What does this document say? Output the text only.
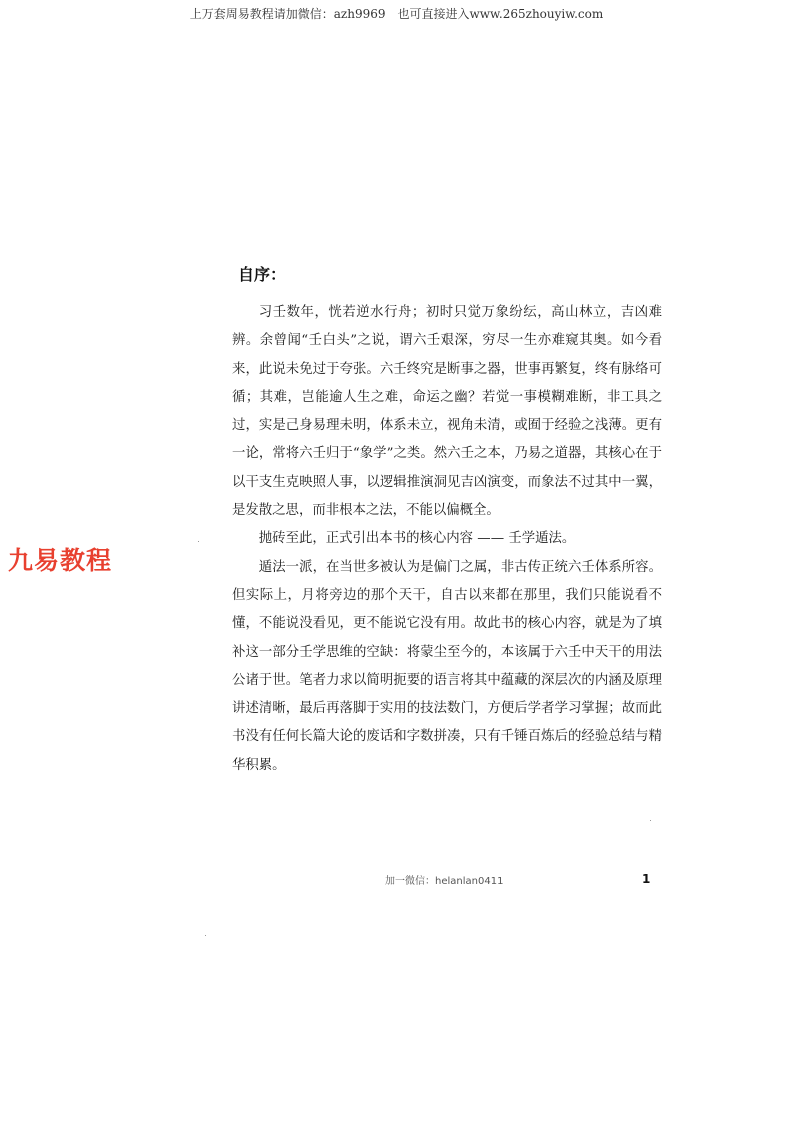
上万套周易教程请加微信：azh9969　也可直接进入www.265zhouyiw.com
自序：

习壬数年，恍若逆水行舟；初时只觉万象纷纭，高山林立，吉凶难辨。余曾闻“壬白头”之说，谓六壬艰深，穷尽一生亦难窥其奥。如今看来，此说未免过于夸张。六壬终究是断事之器，世事再繁复，终有脉络可循；其难，岂能逾人生之难，命运之幽？若觉一事模糊难断，非工具之过，实是己身易理未明，体系未立，视角未清，或囿于经验之浅薄。更有一论，常将六壬归于“象学”之类。然六壬之本，乃易之道器，其核心在于以干支生克映照人事，以逻辑推演洞见吉凶演变，而象法不过其中一翼，是发散之思，而非根本之法，不能以偏概全。

抛砖至此，正式引出本书的核心内容 —— 壬学遁法。

遁法一派，在当世多被认为是偏门之属，非古传正统六壬体系所容。但实际上，月将旁边的那个天干，自古以来都在那里，我们只能说看不懂，不能说没看见，更不能说它没有用。故此书的核心内容，就是为了填补这一部分壬学思维的空缺：将蒙尘至今的，本该属于六壬中天干的用法公诸于世。笔者力求以简明扼要的语言将其中蕴藏的深层次的内涵及原理讲述清晰，最后再落脚于实用的技法数门，方便后学者学习掌握；故而此书没有任何长篇大论的废话和字数拼凑，只有千锤百炼后的经验总结与精华积累。

九易教程
加一微信：helanlan0411	1
